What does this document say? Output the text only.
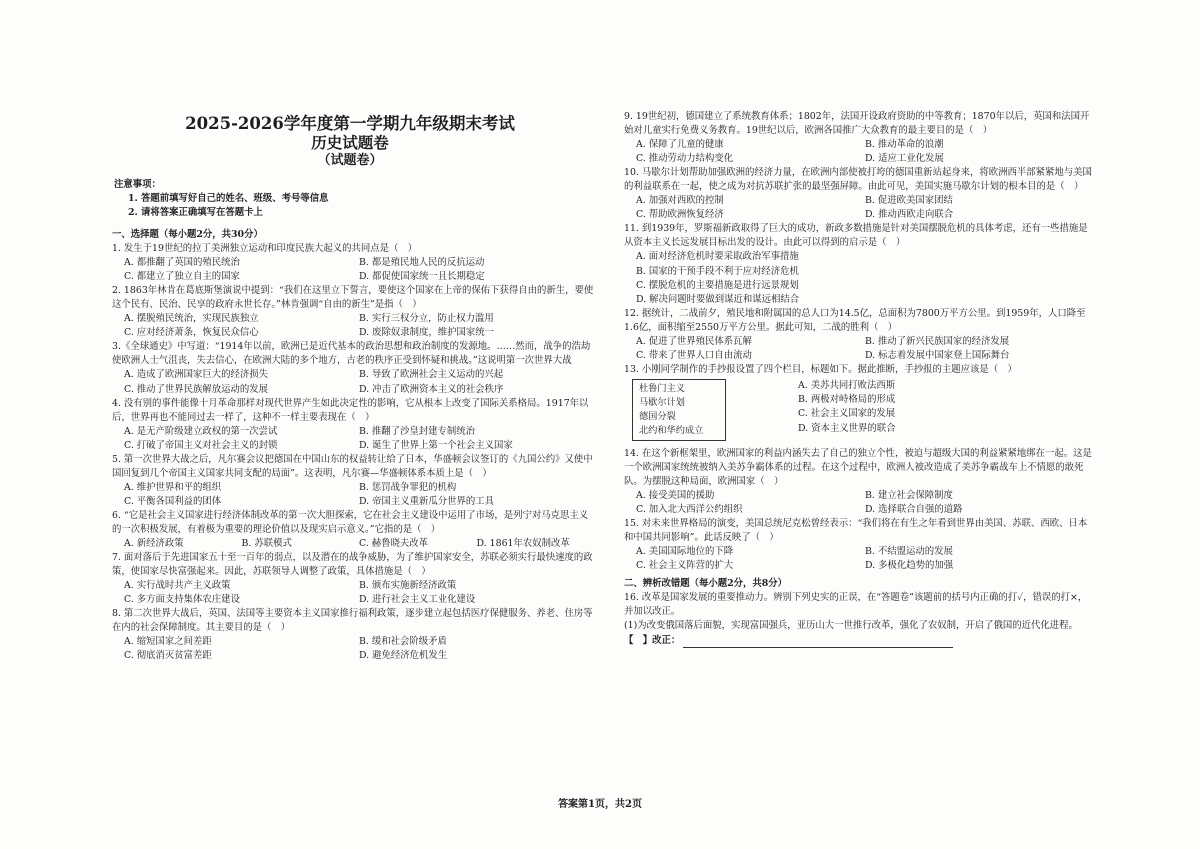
2025-2026学年度第一学期九年级期末考试
历史试题卷
（试题卷）
注意事项：
1. 答题前填写好自己的姓名、班级、考号等信息
2. 请将答案正确填写在答题卡上
一、选择题（每小题2分，共30分）
1. 发生于19世纪的拉丁美洲独立运动和印度民族大起义的共同点是（　）
A. 都推翻了英国的殖民统治	B. 都是殖民地人民的反抗运动
C. 都建立了独立自主的国家	D. 都促使国家统一且长期稳定
2. 1863年林肯在葛底斯堡演说中提到：“我们在这里立下誓言，要使这个国家在上帝的保佑下获得自由的新生，要使这个民有、民治、民享的政府永世长存。”林肯强调“自由的新生”是指（　）
A. 摆脱殖民统治，实现民族独立	B. 实行三权分立，防止权力滥用
C. 应对经济萧条，恢复民众信心	D. 废除奴隶制度，维护国家统一
3.《全球通史》中写道：“1914年以前，欧洲已是近代基本的政治思想和政治制度的发源地。……然而，战争的浩劫使欧洲人士气沮丧，失去信心，在欧洲大陆的多个地方，古老的秩序正受到怀疑和挑战。”这说明第一次世界大战
A. 造成了欧洲国家巨大的经济损失	B. 导致了欧洲社会主义运动的兴起
C. 推动了世界民族解放运动的发展	D. 冲击了欧洲资本主义的社会秩序
4. 没有别的事件能像十月革命那样对现代世界产生如此决定性的影响，它从根本上改变了国际关系格局。1917年以后，世界再也不能同过去一样了，这种不一样主要表现在（　）
A. 是无产阶级建立政权的第一次尝试	B. 推翻了沙皇封建专制统治
C. 打破了帝国主义对社会主义的封锁	D. 诞生了世界上第一个社会主义国家
5. 第一次世界大战之后，凡尔赛会议把德国在中国山东的权益转让给了日本，华盛顿会议签订的《九国公约》又使中国回复到几个帝国主义国家共同支配的局面”。这表明，凡尔赛—华盛顿体系本质上是（　）
A. 维护世界和平的组织	B. 惩罚战争罪犯的机构
C. 平衡各国利益的团体	D. 帝国主义重新瓜分世界的工具
6. “它是社会主义国家进行经济体制改革的第一次大胆探索，它在社会主义建设中运用了市场，是列宁对马克思主义的一次积极发展，有着极为重要的理论价值以及现实启示意义。”它指的是（　）
A. 新经济政策	B. 苏联模式	C. 赫鲁晓夫改革	D. 1861年农奴制改革
7. 面对落后于先进国家五十至一百年的弱点，以及潜在的战争威胁，为了维护国家安全，苏联必须实行最快速度的政策，使国家尽快富强起来。因此，苏联领导人调整了政策，具体措施是（　）
A. 实行战时共产主义政策	B. 颁布实施新经济政策
C. 多方面支持集体农庄建设	D. 进行社会主义工业化建设
8. 第二次世界大战后，英国、法国等主要资本主义国家推行福利政策，逐步建立起包括医疗保健服务、养老、住房等在内的社会保障制度。其主要目的是（　）
A. 缩短国家之间差距	B. 缓和社会阶级矛盾
C. 彻底消灭贫富差距	D. 避免经济危机发生
9. 19世纪初，德国建立了系统教育体系；1802年，法国开设政府资助的中等教育；1870年以后，英国和法国开始对儿童实行免费义务教育。19世纪以后，欧洲各国推广大众教育的最主要目的是（　）
A. 保障了儿童的健康	B. 推动革命的浪潮
C. 推动劳动力结构变化	D. 适应工业化发展
10. 马歇尔计划帮助加强欧洲的经济力量，在欧洲内部使被打垮的德国重新站起身来，将欧洲西半部紧紧地与美国的利益联系在一起，使之成为对抗苏联扩张的最坚强屏障。由此可见，美国实施马歇尔计划的根本目的是（　）
A. 加强对西欧的控制	B. 促进欧美国家团结
C. 帮助欧洲恢复经济	D. 推动西欧走向联合
11. 到1939年，罗斯福新政取得了巨大的成功，新政多数措施是针对美国摆脱危机的具体考虑，还有一些措施是从资本主义长远发展目标出发的设计。由此可以得到的启示是（　）
A. 面对经济危机时要采取政治军事措施
B. 国家的干预手段不利于应对经济危机
C. 摆脱危机的主要措施是进行远景规划
D. 解决问题时要做到谋近和谋远相结合
12. 据统计，二战前夕，殖民地和附属国的总人口为14.5亿，总面积为7800万平方公里。到1959年，人口降至1.6亿，面积缩至2550万平方公里。据此可知，二战的胜利（　）
A. 促进了世界殖民体系瓦解	B. 推动了新兴民族国家的经济发展
C. 带来了世界人口自由流动	D. 标志着发展中国家登上国际舞台
13. 小刚同学制作的手抄报设置了四个栏目，标题如下。据此推断，手抄报的主题应该是（　）
杜鲁门主义
马歇尔计划
德国分裂
北约和华约成立
A. 美苏共同打败法西斯
B. 两极对峙格局的形成
C. 社会主义国家的发展
D. 资本主义世界的联合
14. 在这个新框架里，欧洲国家的利益内涵失去了自己的独立个性，被迫与超级大国的利益紧紧地绑在一起。这是一个欧洲国家统统被纳入美苏争霸体系的过程。在这个过程中，欧洲人被改造成了美苏争霸战车上不情愿的敢死队。为摆脱这种局面，欧洲国家（　）
A. 接受美国的援助	B. 建立社会保障制度
C. 加入北大西洋公约组织	D. 选择联合自强的道路
15. 对未来世界格局的演变，美国总统尼克松曾经表示：“我们将在有生之年看到世界由美国、苏联、西欧、日本和中国共同影响”。此话反映了（　）
A. 美国国际地位的下降	B. 不结盟运动的发展
C. 社会主义阵营的扩大	D. 多极化趋势的加强
二、辨析改错题（每小题2分，共8分）
16. 改革是国家发展的重要推动力。辨别下列史实的正误，在“答题卷”该题前的括号内正确的打✓，错误的打×，并加以改正。
(1)为改变俄国落后面貌，实现富国强兵，亚历山大一世推行改革，强化了农奴制，开启了俄国的近代化进程。
【　】改正：
答案第1页，共2页
